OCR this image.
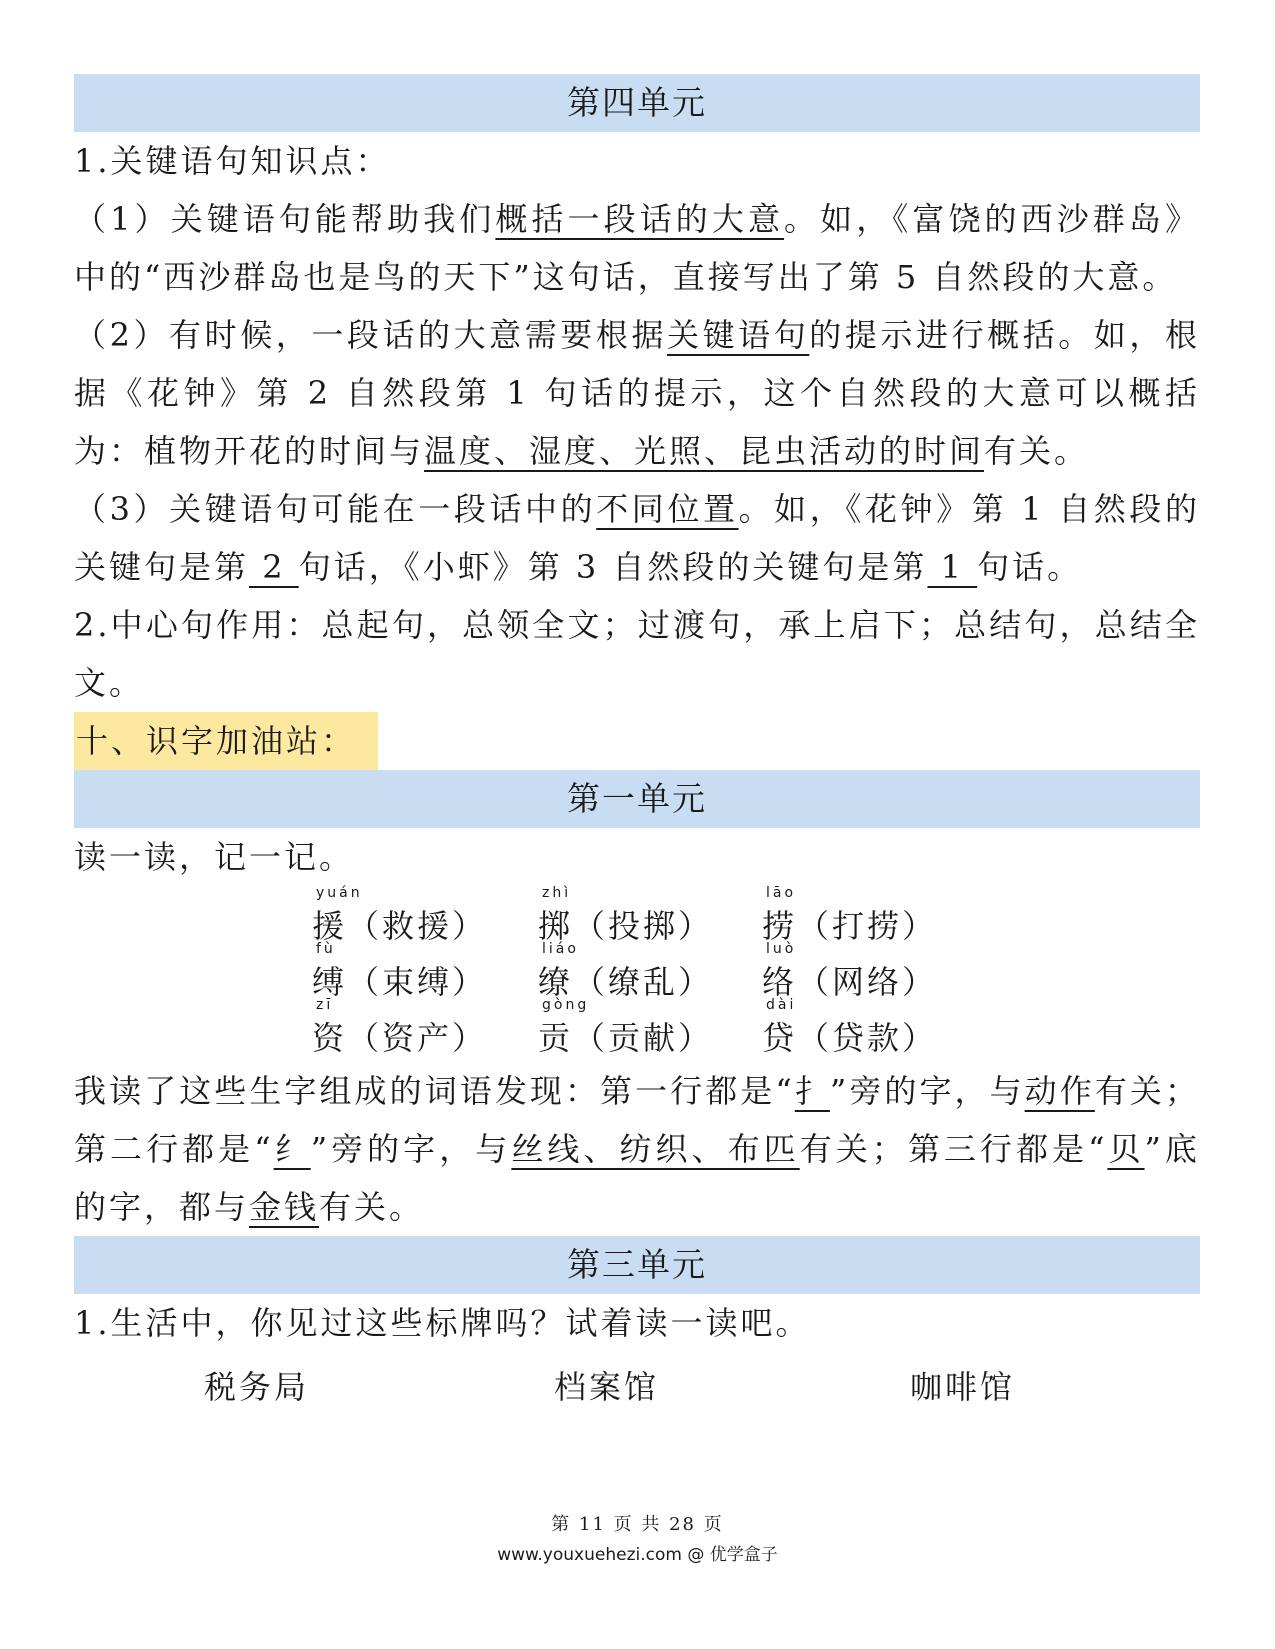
第四单元

1.关键语句知识点：

（1）关键语句能帮助我们概括一段话的大意。如，《富饶的西沙群岛》中的“西沙群岛也是鸟的天下”这句话，直接写出了第 5 自然段的大意。

（2）有时候，一段话的大意需要根据关键语句的提示进行概括。如，根据《花钟》第 2 自然段第 1 句话的提示，这个自然段的大意可以概括为：植物开花的时间与温度、湿度、光照、昆虫活动的时间有关。

（3）关键语句可能在一段话中的不同位置。如，《花钟》第 1 自然段的关键句是第 2 句话，《小虾》第 3 自然段的关键句是第 1 句话。

2.中心句作用：总起句，总领全文；过渡句，承上启下；总结句，总结全文。

十、识字加油站：
第一单元

读一读，记一记。

yuán
援（救援）
zhì
掷（投掷）
lāo
捞（打捞）
fù
缚（束缚）
liáo
缭（缭乱）
luò
络（网络）
zī
资（资产）
gòng
贡（贡献）
dài
贷（贷款）

我读了这些生字组成的词语发现：第一行都是“扌”旁的字，与动作有关；第二行都是“纟”旁的字，与丝线、纺织、布匹有关；第三行都是“贝”底的字，都与金钱有关。

第三单元

1.生活中，你见过这些标牌吗？试着读一读吧。

税务局	档案馆	咖啡馆
第 11 页 共 28 页
www.youxuehezi.com @ 优学盒子
